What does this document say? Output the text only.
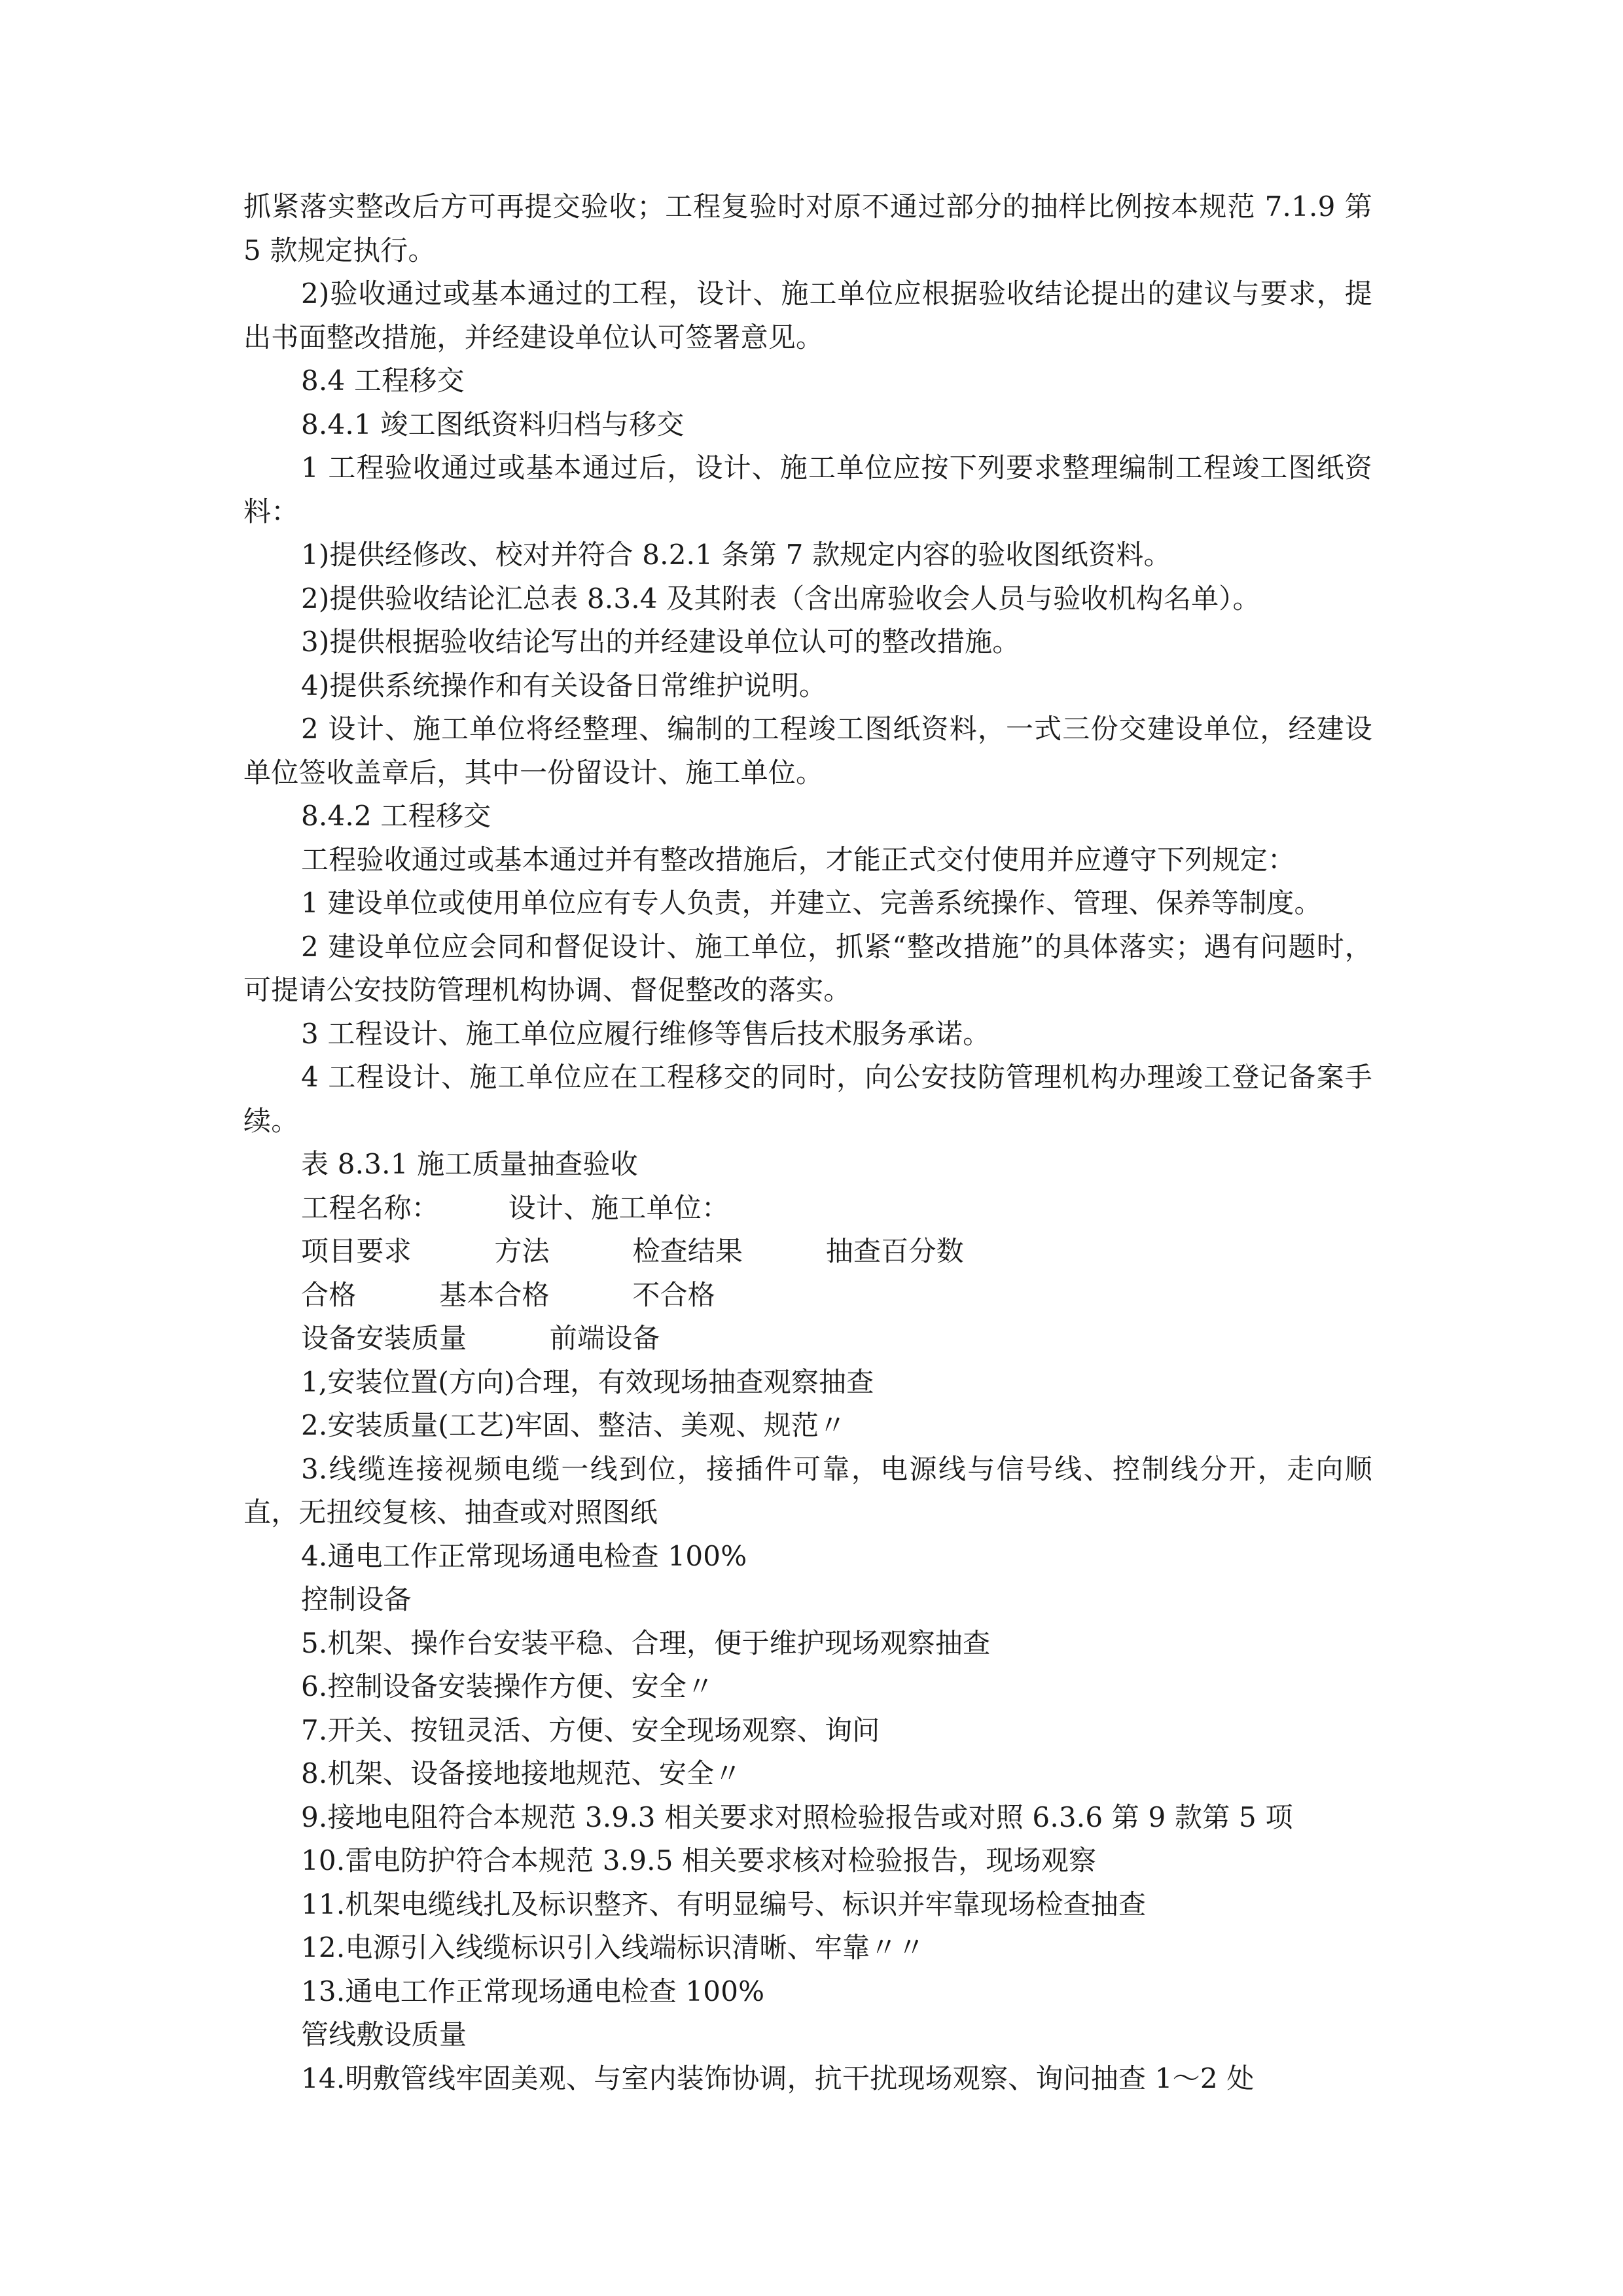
抓紧落实整改后方可再提交验收；工程复验时对原不通过部分的抽样比例按本规范 7.1.9 第 5 款规定执行。

2)验收通过或基本通过的工程，设计、施工单位应根据验收结论提出的建议与要求，提出书面整改措施，并经建设单位认可签署意见。

8.4 工程移交

8.4.1 竣工图纸资料归档与移交

1 工程验收通过或基本通过后，设计、施工单位应按下列要求整理编制工程竣工图纸资料：

1)提供经修改、校对并符合 8.2.1 条第 7 款规定内容的验收图纸资料。

2)提供验收结论汇总表 8.3.4 及其附表（含出席验收会人员与验收机构名单）。

3)提供根据验收结论写出的并经建设单位认可的整改措施。

4)提供系统操作和有关设备日常维护说明。

2 设计、施工单位将经整理、编制的工程竣工图纸资料，一式三份交建设单位，经建设单位签收盖章后，其中一份留设计、施工单位。

8.4.2 工程移交

工程验收通过或基本通过并有整改措施后，才能正式交付使用并应遵守下列规定：

1 建设单位或使用单位应有专人负责，并建立、完善系统操作、管理、保养等制度。

2 建设单位应会同和督促设计、施工单位，抓紧“整改措施”的具体落实；遇有问题时，可提请公安技防管理机构协调、督促整改的落实。

3 工程设计、施工单位应履行维修等售后技术服务承诺。

4 工程设计、施工单位应在工程移交的同时，向公安技防管理机构办理竣工登记备案手续。

表 8.3.1 施工质量抽查验收

工程名称：　　　设计、施工单位：

项目要求　　　方法　　　检查结果　　　抽查百分数

合格　　　基本合格　　　不合格

设备安装质量　　　前端设备

1,安装位置(方向)合理，有效现场抽查观察抽查

2.安装质量(工艺)牢固、整洁、美观、规范〃

3.线缆连接视频电缆一线到位，接插件可靠，电源线与信号线、控制线分开，走向顺直，无扭绞复核、抽查或对照图纸

4.通电工作正常现场通电检查 100%

控制设备

5.机架、操作台安装平稳、合理，便于维护现场观察抽查

6.控制设备安装操作方便、安全〃

7.开关、按钮灵活、方便、安全现场观察、询问

8.机架、设备接地接地规范、安全〃

9.接地电阻符合本规范 3.9.3 相关要求对照检验报告或对照 6.3.6 第 9 款第 5 项

10.雷电防护符合本规范 3.9.5 相关要求核对检验报告，现场观察

11.机架电缆线扎及标识整齐、有明显编号、标识并牢靠现场检查抽查

12.电源引入线缆标识引入线端标识清晰、牢靠〃〃

13.通电工作正常现场通电检查 100%

管线敷设质量

14.明敷管线牢固美观、与室内装饰协调，抗干扰现场观察、询问抽查 1～2 处
